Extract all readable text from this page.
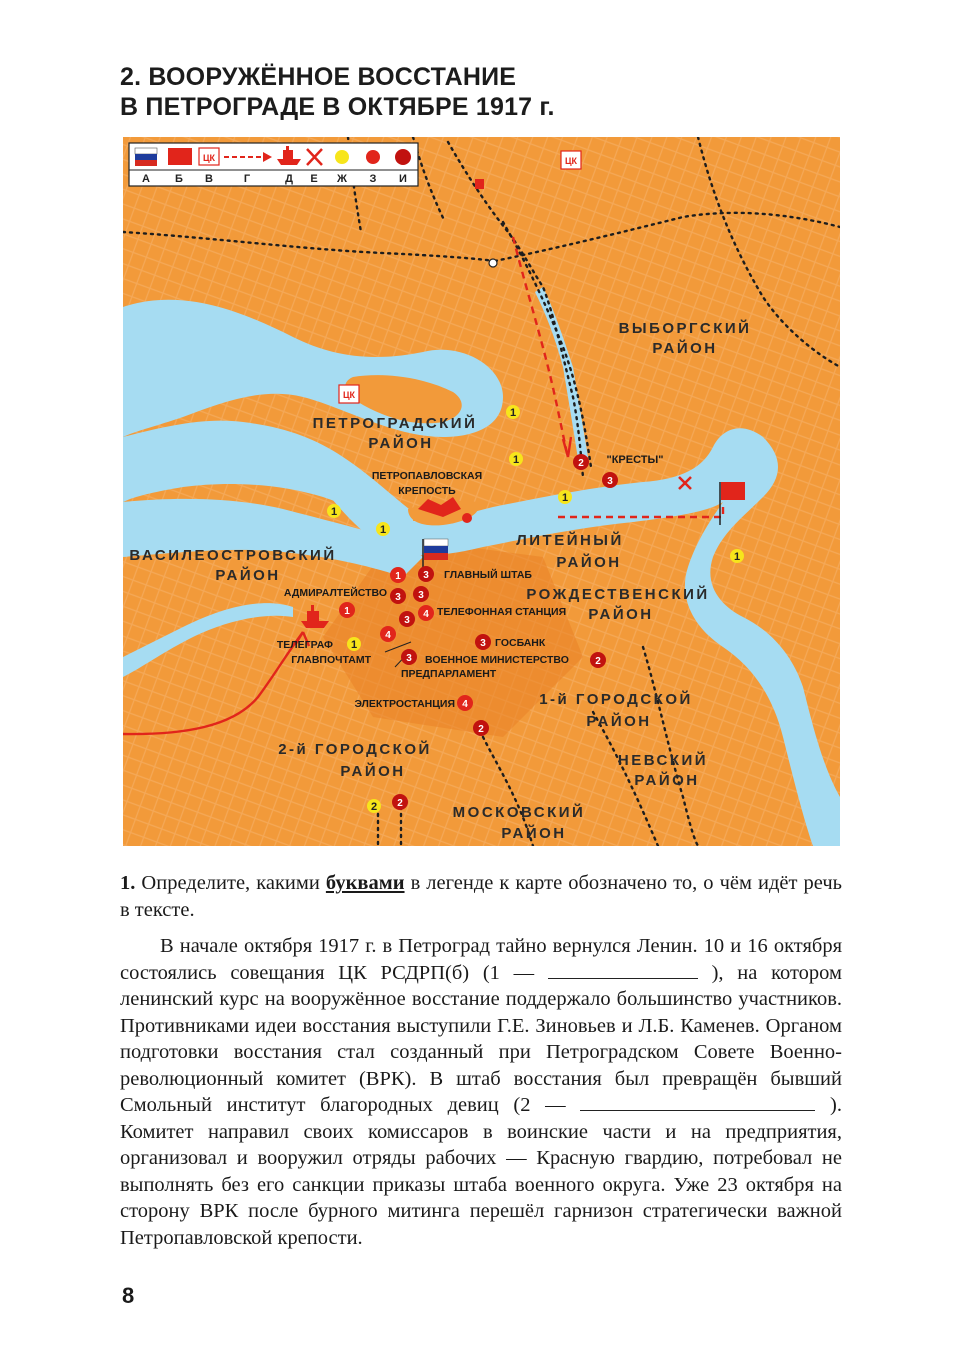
2. ВООРУЖЁННОЕ ВОССТАНИЕ
В ПЕТРОГРАДЕ В ОКТЯБРЕ 1917 г.
ЦК
А Б В	Г	Д Е Ж З И
ЦК
ЦК
1
1
1
1
1
1
1
2
2
3
1
1
3
3 3
4
3
4
3
3
2
4
2
2
ВЫБОРГСКИЙ
РАЙОН
ПЕТРОГРАДСКИЙ
РАЙОН
ВАСИЛЕОСТРОВСКИЙ
РАЙОН
ЛИТЕЙНЫЙ
РАЙОН
РОЖДЕСТВЕНСКИЙ
РАЙОН
1-й ГОРОДСКОЙ
РАЙОН
НЕВСКИЙ
РАЙОН
2-й ГОРОДСКОЙ
РАЙОН
МОСКОВСКИЙ
РАЙОН
"КРЕСТЫ"
ПЕТРОПАВЛОВСКАЯ
КРЕПОСТЬ
АДМИРАЛТЕЙСТВО
ГЛАВНЫЙ ШТАБ
ТЕЛЕФОННАЯ СТАНЦИЯ
ТЕЛЕГРАФ
ГЛАВПОЧТАМТ
ГОСБАНК
ВОЕННОЕ МИНИСТЕРСТВО
ПРЕДПАРЛАМЕНТ
ЭЛЕКТРОСТАНЦИЯ

1. Определите, какими буквами в легенде к карте обозначено то, о чём идёт речь в тексте.

В начале октября 1917 г. в Петроград тайно вернулся Ленин. 10 и 16 октября состоялись совещания ЦК РСДРП(б) (1 —	), на котором ленинский курс на вооружённое восстание поддержало большинство участников. Противниками идеи восстания выступили Г.Е. Зиновьев и Л.Б. Каменев. Органом подготовки восстания стал созданный при Петроградском Совете Военно-революционный комитет (ВРК). В штаб восстания был превращён бывший Смольный институт благородных девиц (2 —	). Комитет направил своих комиссаров в воинские части и на предприятия, организовал и вооружил отряды рабочих — Красную гвардию, потребовал не выполнять без его санкции приказы штаба военного округа. Уже 23 октября на сторону ВРК после бурного митинга перешёл гарнизон стратегически важной Петропавловской крепости.

8
